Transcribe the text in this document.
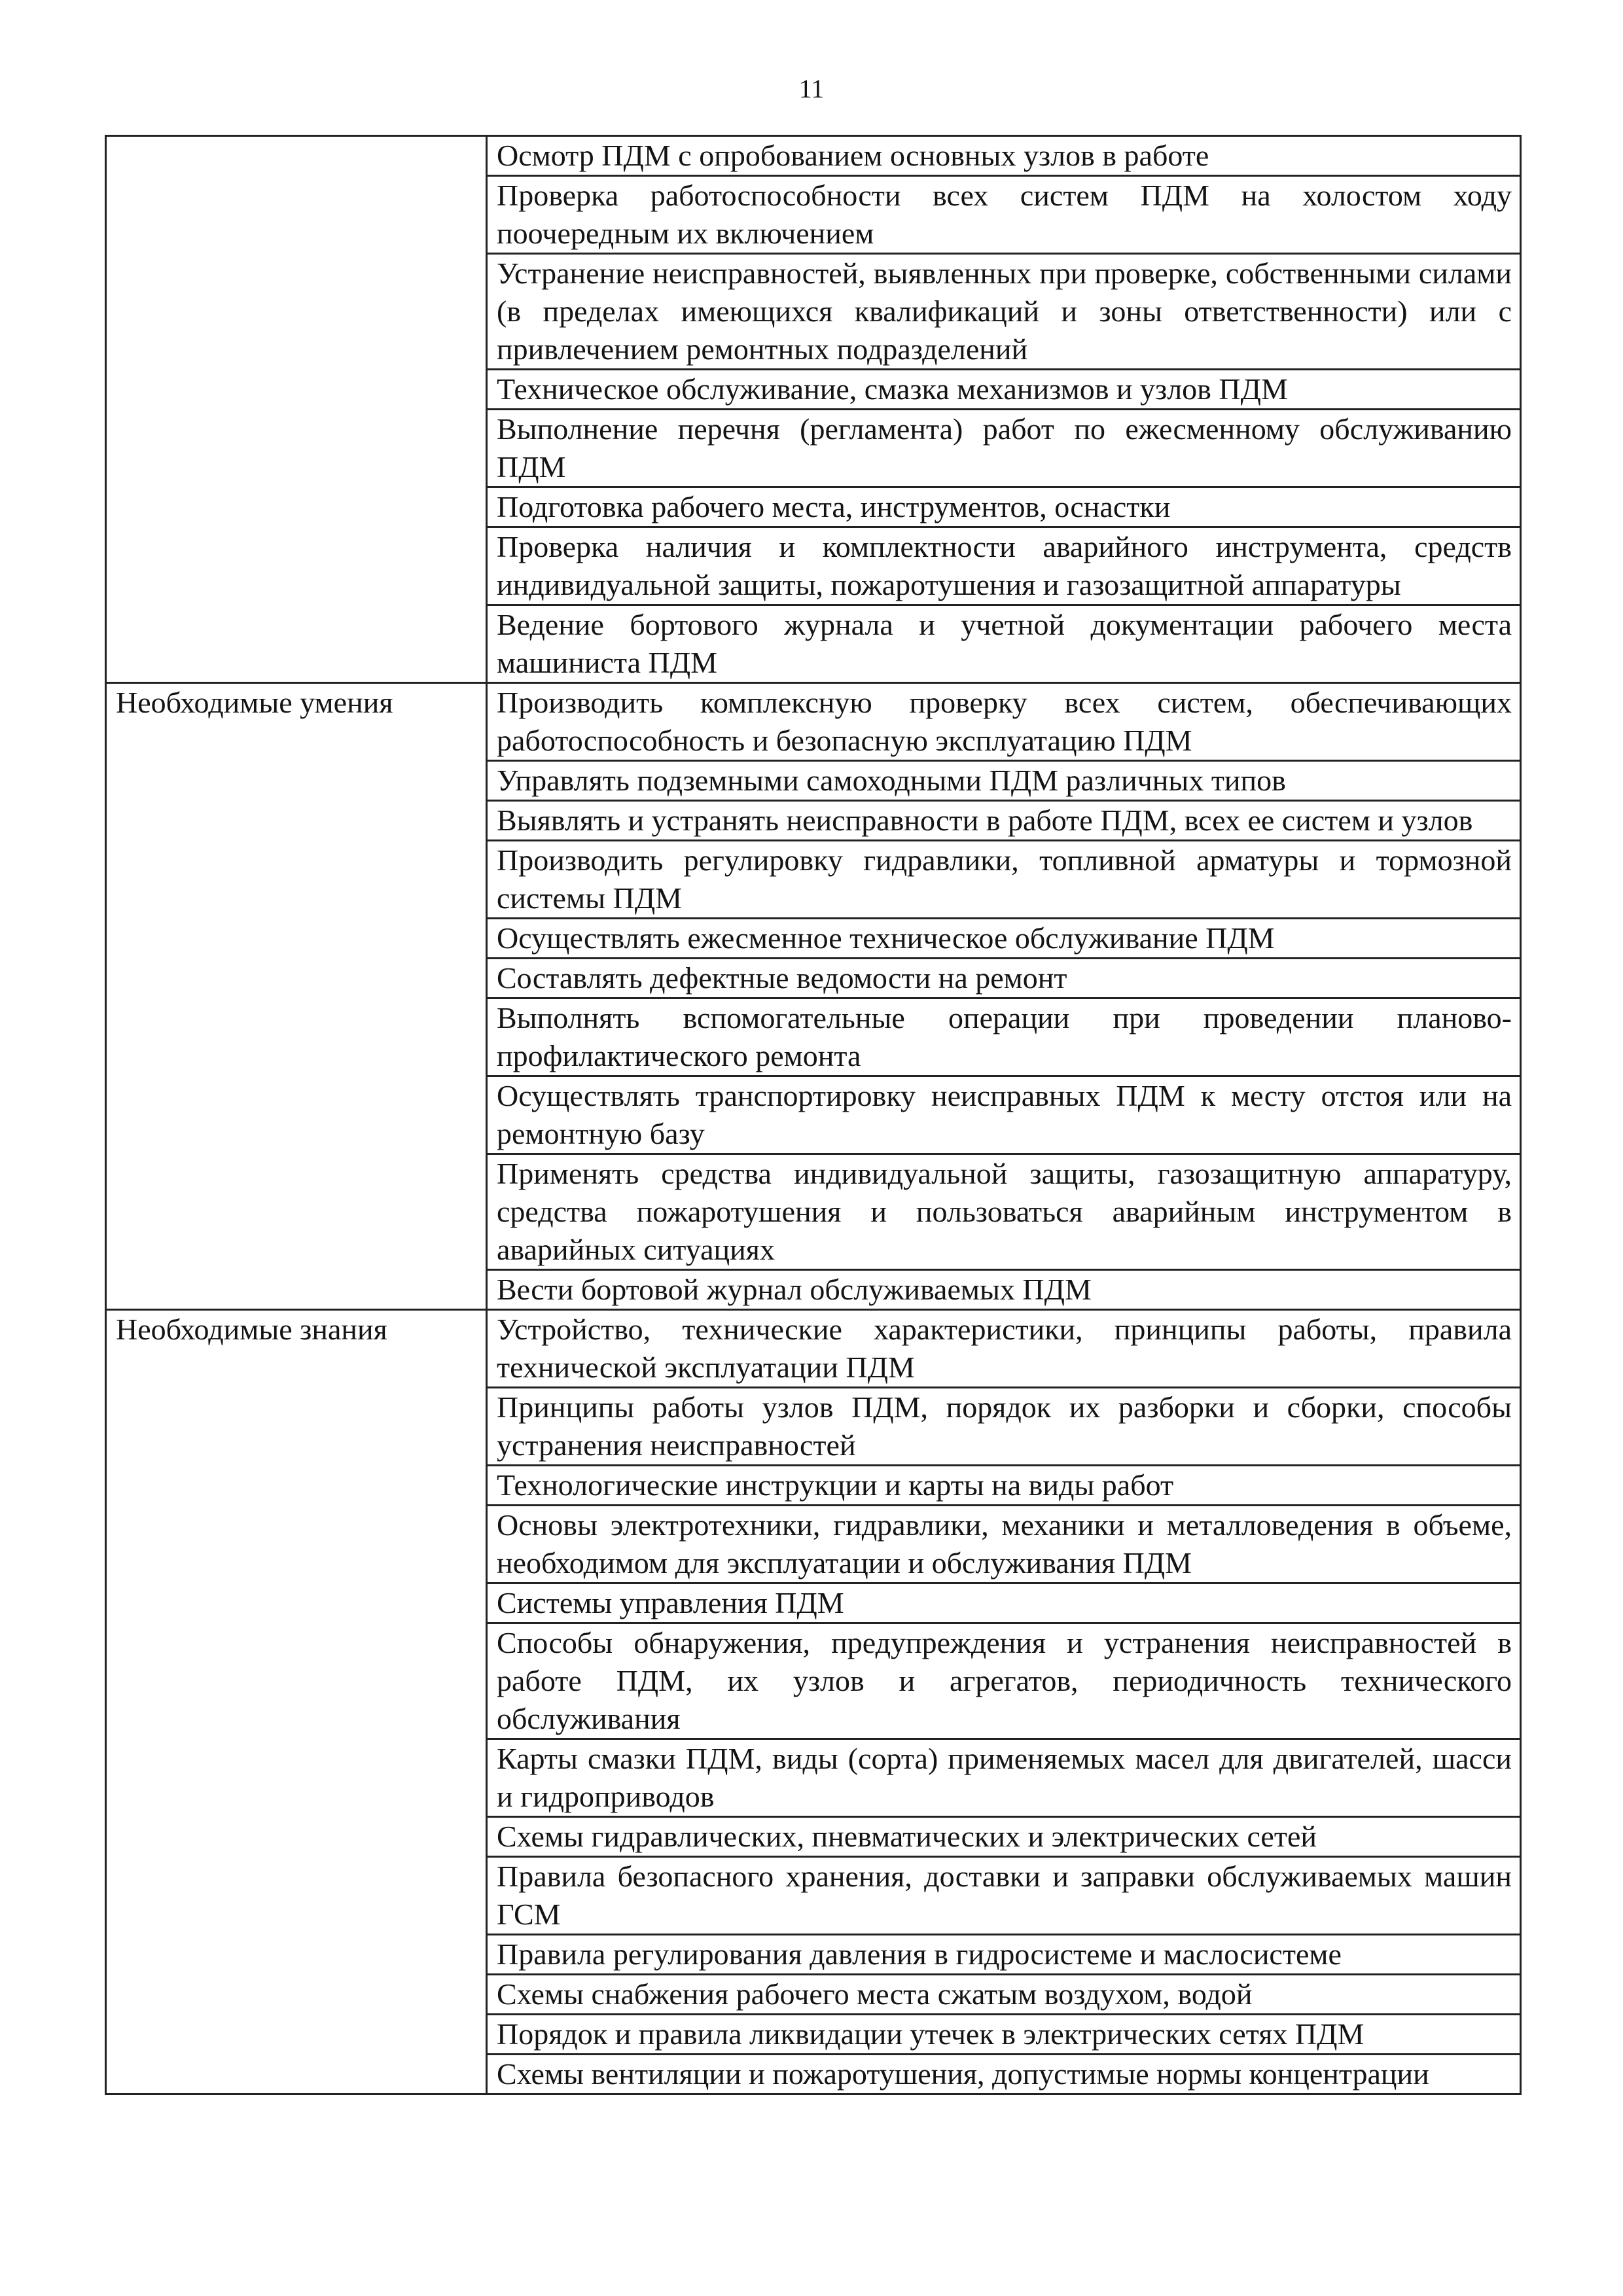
11
	Осмотр ПДМ с опробованием основных узлов в работе
	Проверка работоспособности всех систем ПДМ на холостом ходу поочередным их включением
	Устранение неисправностей, выявленных при проверке, собственными силами (в пределах имеющихся квалификаций и зоны ответственности) или с привлечением ремонтных подразделений
	Техническое обслуживание, смазка механизмов и узлов ПДМ
	Выполнение перечня (регламента) работ по ежесменному обслуживанию ПДМ
	Подготовка рабочего места, инструментов, оснастки
	Проверка наличия и комплектности аварийного инструмента, средств индивидуальной защиты, пожаротушения и газозащитной аппаратуры
	Ведение бортового журнала и учетной документации рабочего места машиниста ПДМ
Необходимые умения	Производить комплексную проверку всех систем, обеспечивающих работоспособность и безопасную эксплуатацию ПДМ
	Управлять подземными самоходными ПДМ различных типов
	Выявлять и устранять неисправности в работе ПДМ, всех ее систем и узлов
	Производить регулировку гидравлики, топливной арматуры и тормозной системы ПДМ
	Осуществлять ежесменное техническое обслуживание ПДМ
	Составлять дефектные ведомости на ремонт
	Выполнять вспомогательные операции при проведении планово-профилактического ремонта
	Осуществлять транспортировку неисправных ПДМ к месту отстоя или на ремонтную базу
	Применять средства индивидуальной защиты, газозащитную аппаратуру, средства пожаротушения и пользоваться аварийным инструментом в аварийных ситуациях
	Вести бортовой журнал обслуживаемых ПДМ
Необходимые знания	Устройство, технические характеристики, принципы работы, правила технической эксплуатации ПДМ
	Принципы работы узлов ПДМ, порядок их разборки и сборки, способы устранения неисправностей
	Технологические инструкции и карты на виды работ
	Основы электротехники, гидравлики, механики и металловедения в объеме, необходимом для эксплуатации и обслуживания ПДМ
	Системы управления ПДМ
	Способы обнаружения, предупреждения и устранения неисправностей в работе ПДМ, их узлов и агрегатов, периодичность технического обслуживания
	Карты смазки ПДМ, виды (сорта) применяемых масел для двигателей, шасси и гидроприводов
	Схемы гидравлических, пневматических и электрических сетей
	Правила безопасного хранения, доставки и заправки обслуживаемых машин ГСМ
	Правила регулирования давления в гидросистеме и маслосистеме
	Схемы снабжения рабочего места сжатым воздухом, водой
	Порядок и правила ликвидации утечек в электрических сетях ПДМ
	Схемы вентиляции и пожаротушения, допустимые нормы концентрации
